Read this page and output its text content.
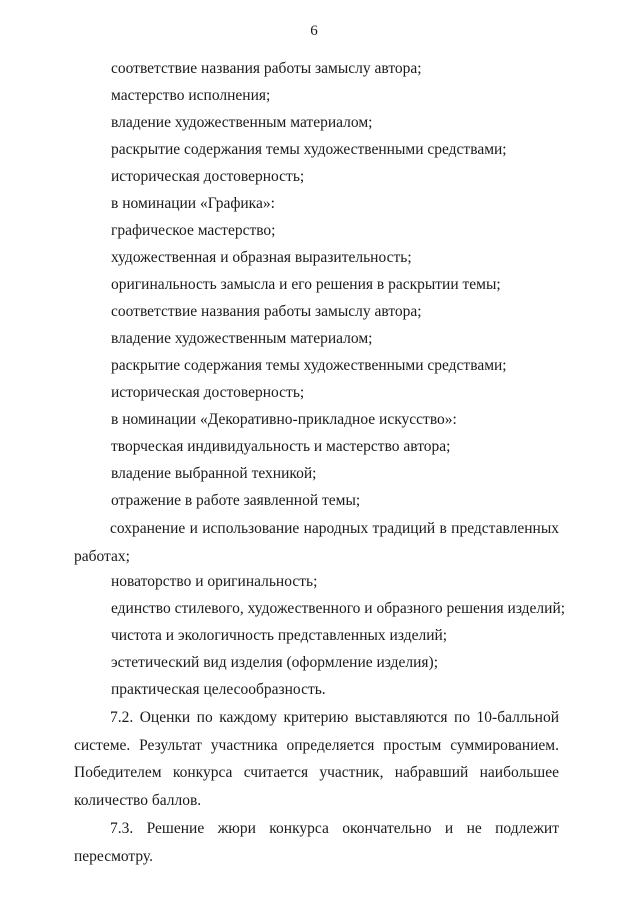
6
соответствие названия работы замыслу автора;
мастерство исполнения;
владение художественным материалом;
раскрытие содержания темы художественными средствами;
историческая достоверность;
в номинации «Графика»:
графическое мастерство;
художественная и образная выразительность;
оригинальность замысла и его решения в раскрытии темы;
соответствие названия работы замыслу автора;
владение художественным материалом;
раскрытие содержания темы художественными средствами;
историческая достоверность;
в номинации «Декоративно-прикладное искусство»:
творческая индивидуальность и мастерство автора;
владение выбранной техникой;
отражение в работе заявленной темы;
сохранение и использование народных традиций в представленных работах;
новаторство и оригинальность;
единство стилевого, художественного и образного решения изделий;
чистота и экологичность представленных изделий;
эстетический вид изделия (оформление изделия);
практическая целесообразность.
7.2. Оценки по каждому критерию выставляются по 10-балльной системе. Результат участника определяется простым суммированием. Победителем конкурса считается участник, набравший наибольшее количество баллов.
7.3. Решение жюри конкурса окончательно и не подлежит пересмотру.
